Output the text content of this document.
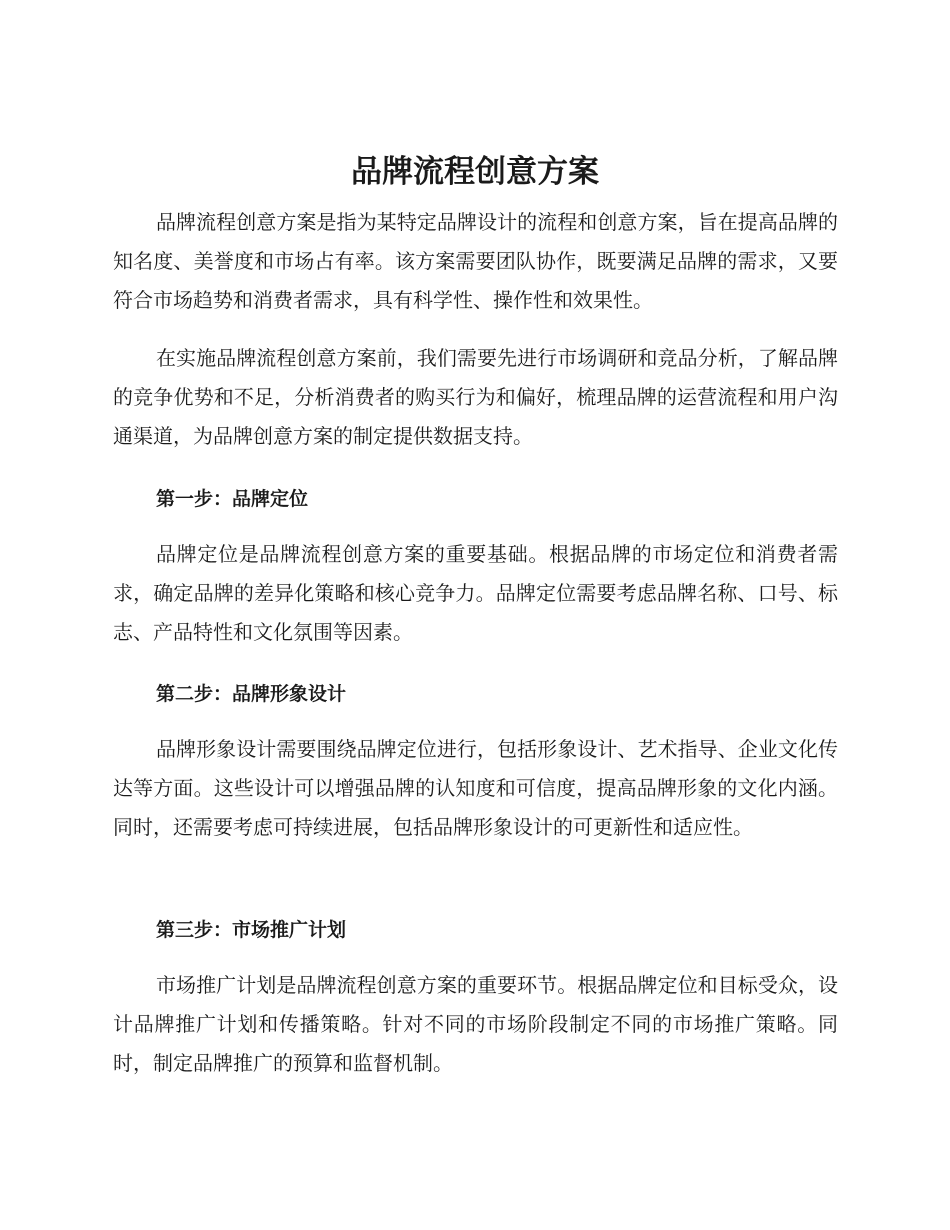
品牌流程创意方案

品牌流程创意方案是指为某特定品牌设计的流程和创意方案，旨在提高品牌的知名度、美誉度和市场占有率。该方案需要团队协作，既要满足品牌的需求，又要符合市场趋势和消费者需求，具有科学性、操作性和效果性。

在实施品牌流程创意方案前，我们需要先进行市场调研和竞品分析，了解品牌的竞争优势和不足，分析消费者的购买行为和偏好，梳理品牌的运营流程和用户沟通渠道，为品牌创意方案的制定提供数据支持。

第一步：品牌定位

品牌定位是品牌流程创意方案的重要基础。根据品牌的市场定位和消费者需求，确定品牌的差异化策略和核心竞争力。品牌定位需要考虑品牌名称、口号、标志、产品特性和文化氛围等因素。

第二步：品牌形象设计

品牌形象设计需要围绕品牌定位进行，包括形象设计、艺术指导、企业文化传达等方面。这些设计可以增强品牌的认知度和可信度，提高品牌形象的文化内涵。同时，还需要考虑可持续进展，包括品牌形象设计的可更新性和适应性。

第三步：市场推广计划

市场推广计划是品牌流程创意方案的重要环节。根据品牌定位和目标受众，设计品牌推广计划和传播策略。针对不同的市场阶段制定不同的市场推广策略。同时，制定品牌推广的预算和监督机制。
